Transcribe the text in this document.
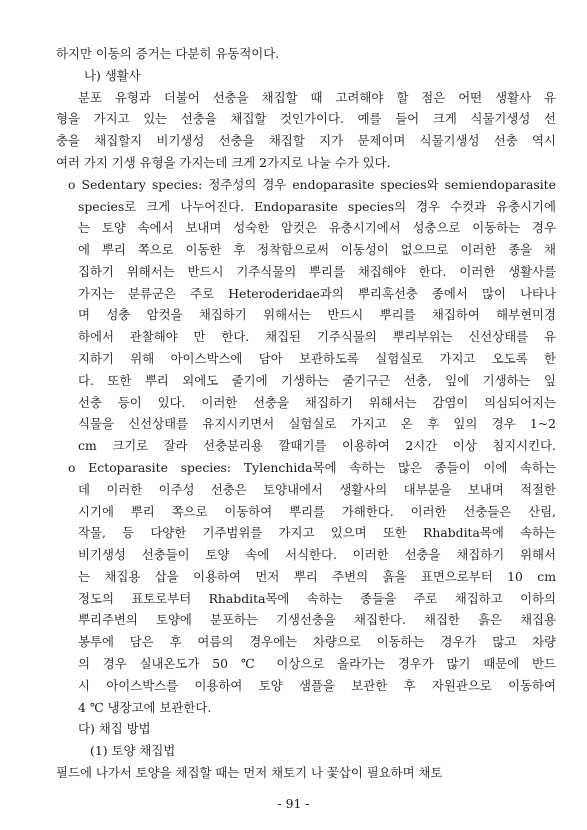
하지만 이동의 증거는 다분히 유동적이다.

나) 생활사

분포 유형과 더불어 선충을 채집할 때 고려해야 할 점은 어떤 생활사 유

형을 가지고 있는 선충을 채집할 것인가이다. 예를 들어 크게 식물기생성 선

충을 채집할지 비기생성 선충을 채집할 지가 문제이며 식물기생성 선충 역시

여러 가지 기생 유형을 가지는데 크게 2가지로 나눌 수가 있다.

o Sedentary species: 정주성의 경우 endoparasite species와 semiendoparasite

species로 크게 나누어진다. Endoparasite species의 경우 수컷과 유충시기에

는 토양 속에서 보내며 성숙한 암컷은 유충시기에서 성충으로 이동하는 경우

에 뿌리 쪽으로 이동한 후 정착함으로써 이동성이 없으므로 이러한 종을 채

집하기 위해서는 반드시 기주식물의 뿌리를 채집해야 한다. 이러한 생활사를

가지는 분류군은 주로 Heteroderidae과의 뿌리혹선충 종에서 많이 나타나

며 성충 암컷을 채집하기 위해서는 반드시 뿌리를 채집하여 해부현미경

하에서 관찰해야 만 한다. 채집된 기주식물의 뿌리부위는 신선상태를 유

지하기 위해 아이스박스에 담아 보관하도록 실험실로 가지고 오도록 한

다. 또한 뿌리 외에도 줄기에 기생하는 줄기구근 선충, 잎에 기생하는 잎

선충 등이 있다. 이러한 선충을 채집하기 위해서는 감염이 의심되어지는

식물을 신선상태를 유지시키면서 실험실로 가지고 온 후 잎의 경우 1~2

cm 크기로 잘라 선충분리용 깔때기를 이용하여 2시간 이상 침지시킨다.

o Ectoparasite species: Tylenchida목에 속하는 많은 종들이 이에 속하는

데 이러한 이주성 선충은 토양내에서 생활사의 대부분을 보내며 적절한

시기에 뿌리 쪽으로 이동하여 뿌리를 가해한다. 이러한 선충들은 산림,

작물, 등 다양한 기주범위를 가지고 있으며 또한 Rhabdita목에 속하는

비기생성 선충들이 토양 속에 서식한다. 이러한 선충을 채집하기 위해서

는 채집용 삽을 이용하여 먼저 뿌리 주변의 흙을 표면으로부터 10 cm

정도의 표토로부터 Rhabdita목에 속하는 종들을 주로 채집하고 이하의

뿌리주변의 토양에 분포하는 기생선충을 채집한다. 채집한 흙은 채집용

봉투에 담은 후 여름의 경우에는 차량으로 이동하는 경우가 많고 차량

의 경우 실내온도가 50 ℃ 이상으로 올라가는 경우가 많기 때문에 반드

시 아이스박스를 이용하여 토양 샘플을 보관한 후 자원관으로 이동하여

4 ℃ 냉장고에 보관한다.

다) 채집 방법

(1) 토양 채집법

필드에 나가서 토양을 채집할 때는 먼저 채토기 나 꽃삽이 필요하며 채토

- 91 -
